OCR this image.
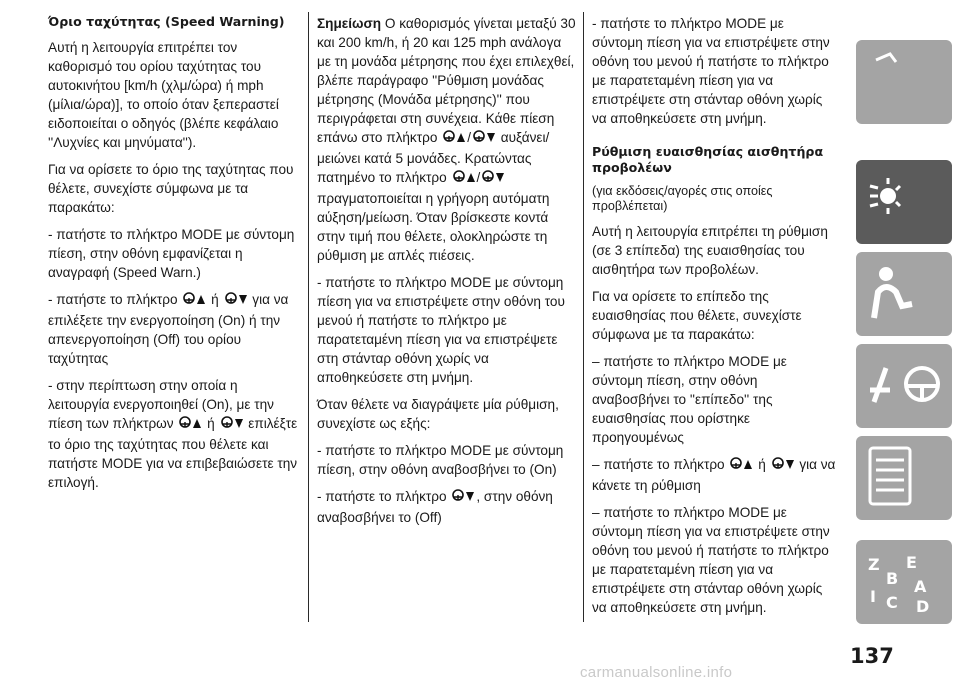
Όριο ταχύτητας (Speed Warning)

Αυτή η λειτουργία επιτρέπει τον καθορισμό του ορίου ταχύτητας του αυτοκινήτου [km/h (χλμ/ώρα) ή mph (μίλια/ώρα)], το οποίο όταν ξεπεραστεί ειδοποιείται ο οδηγός (βλέπε κεφάλαιο ''Λυχνίες και μηνύματα'').

Για να ορίσετε το όριο της ταχύτητας που θέλετε, συνεχίστε σύμφωνα με τα παρακάτω:

- πατήστε το πλήκτρο MODE με σύντομη πίεση, στην οθόνη εμφανίζεται η αναγραφή (Speed Warn.)

- πατήστε το πλήκτρο ή για να επιλέξετε την ενεργοποίηση (On) ή την απενεργοποίηση (Off) του ορίου ταχύτητας

- στην περίπτωση στην οποία η λειτουργία ενεργοποιηθεί (On), με την πίεση των πλήκτρων ή επιλέξτε το όριο της ταχύτητας που θέλετε και πατήστε MODE για να επιβεβαιώσετε την επιλογή.

Σημείωση Ο καθορισμός γίνεται μεταξύ 30 και 200 km/h, ή 20 και 125 mph ανάλογα με τη μονάδα μέτρησης που έχει επιλεχθεί, βλέπε παράγραφο ''Ρύθμιση μονάδας μέτρησης (Μονάδα μέτρησης)'' που περιγράφεται στη συνέχεια. Κάθε πίεση επάνω στο πλήκτρο / αυξάνει/μειώνει κατά 5 μονάδες. Κρατώντας πατημένο το πλήκτρο / πραγματοποιείται η γρήγορη αυτόματη αύξηση/μείωση. Όταν βρίσκεστε κοντά στην τιμή που θέλετε, ολοκληρώστε τη ρύθμιση με απλές πιέσεις.

- πατήστε το πλήκτρο MODE με σύντομη πίεση για να επιστρέψετε στην οθόνη του μενού ή πατήστε το πλήκτρο με παρατεταμένη πίεση για να επιστρέψετε στη στάνταρ οθόνη χωρίς να αποθηκεύσετε στη μνήμη.

Όταν θέλετε να διαγράψετε μία ρύθμιση, συνεχίστε ως εξής:

- πατήστε το πλήκτρο MODE με σύντομη πίεση, στην οθόνη αναβοσβήνει το (On)

- πατήστε το πλήκτρο , στην οθόνη αναβοσβήνει το (Off)

- πατήστε το πλήκτρο MODE με σύντομη πίεση για να επιστρέψετε στην οθόνη του μενού ή πατήστε το πλήκτρο με παρατεταμένη πίεση για να επιστρέψετε στη στάνταρ οθόνη χωρίς να αποθηκεύσετε στη μνήμη.

Ρύθμιση ευαισθησίας αισθητήρα προβολέων

(για εκδόσεις/αγορές στις οποίες προβλέπεται)

Αυτή η λειτουργία επιτρέπει τη ρύθμιση (σε 3 επίπεδα) της ευαισθησίας του αισθητήρα των προβολέων.

Για να ορίσετε το επίπεδο της ευαισθησίας που θέλετε, συνεχίστε σύμφωνα με τα παρακάτω:

– πατήστε το πλήκτρο MODE με σύντομη πίεση, στην οθόνη αναβοσβήνει το ''επίπεδο'' της ευαισθησίας που ορίστηκε προηγουμένως

– πατήστε το πλήκτρο ή για να κάνετε τη ρύθμιση

– πατήστε το πλήκτρο MODE με σύντομη πίεση για να επιστρέψετε στην οθόνη του μενού ή πατήστε το πλήκτρο με παρατεταμένη πίεση για να επιστρέψετε στη στάνταρ οθόνη χωρίς να αποθηκεύσετε στη μνήμη.

Z E
B A
I C D
137
carmanualsonline.info
